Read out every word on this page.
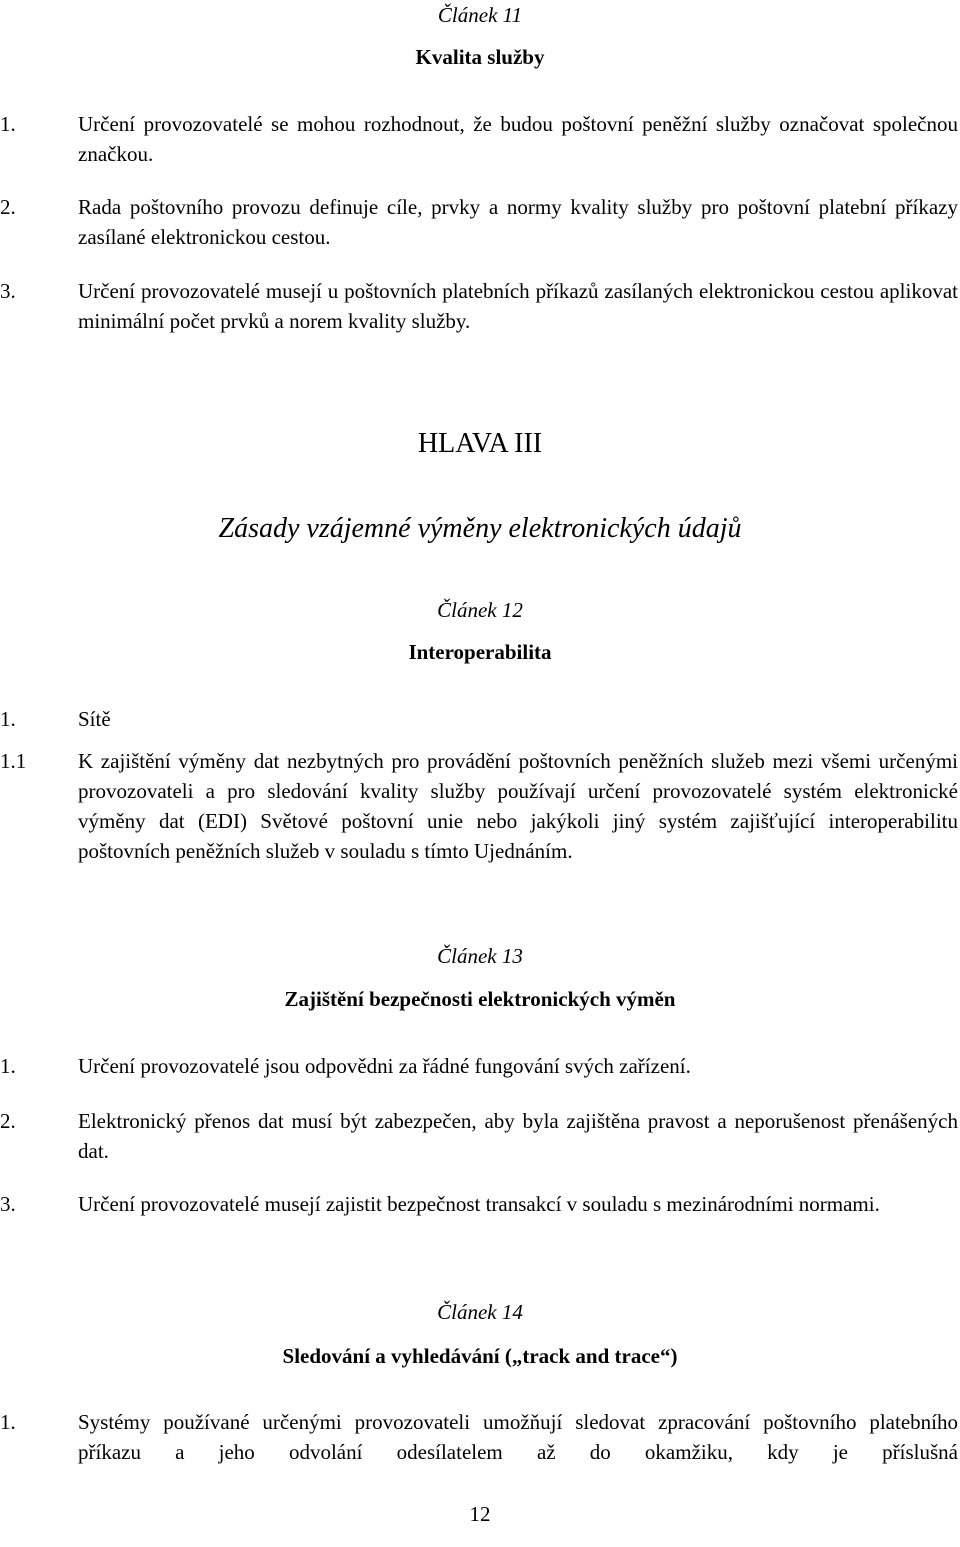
Článek 11
Kvalita služby
1.	Určení provozovatelé se mohou rozhodnout, že budou poštovní peněžní služby označovat společnou značkou.
2.	Rada poštovního provozu definuje cíle, prvky a normy kvality služby pro poštovní platební příkazy zasílané elektronickou cestou.
3.	Určení provozovatelé musejí u poštovních platebních příkazů zasílaných elektronickou cestou aplikovat minimální počet prvků a norem kvality služby.
HLAVA III
Zásady vzájemné výměny elektronických údajů
Článek 12
Interoperabilita
1.	Sítě
1.1 K zajištění výměny dat nezbytných pro provádění poštovních peněžních služeb mezi všemi určenými provozovateli a pro sledování kvality služby používají určení provozovatelé systém elektronické výměny dat (EDI) Světové poštovní unie nebo jakýkoli jiný systém zajišťující interoperabilitu poštovních peněžních služeb v souladu s tímto Ujednáním.
Článek 13
Zajištění bezpečnosti elektronických výměn
1.	Určení provozovatelé jsou odpovědni za řádné fungování svých zařízení.
2.	Elektronický přenos dat musí být zabezpečen, aby byla zajištěna pravost a neporušenost přenášených dat.
3.	Určení provozovatelé musejí zajistit bezpečnost transakcí v souladu s mezinárodními normami.
Článek 14
Sledování a vyhledávání („track and trace“)
1.	Systémy používané určenými provozovateli umožňují sledovat zpracování poštovního platebního příkazu a jeho odvolání odesílatelem až do okamžiku, kdy je příslušná
12
